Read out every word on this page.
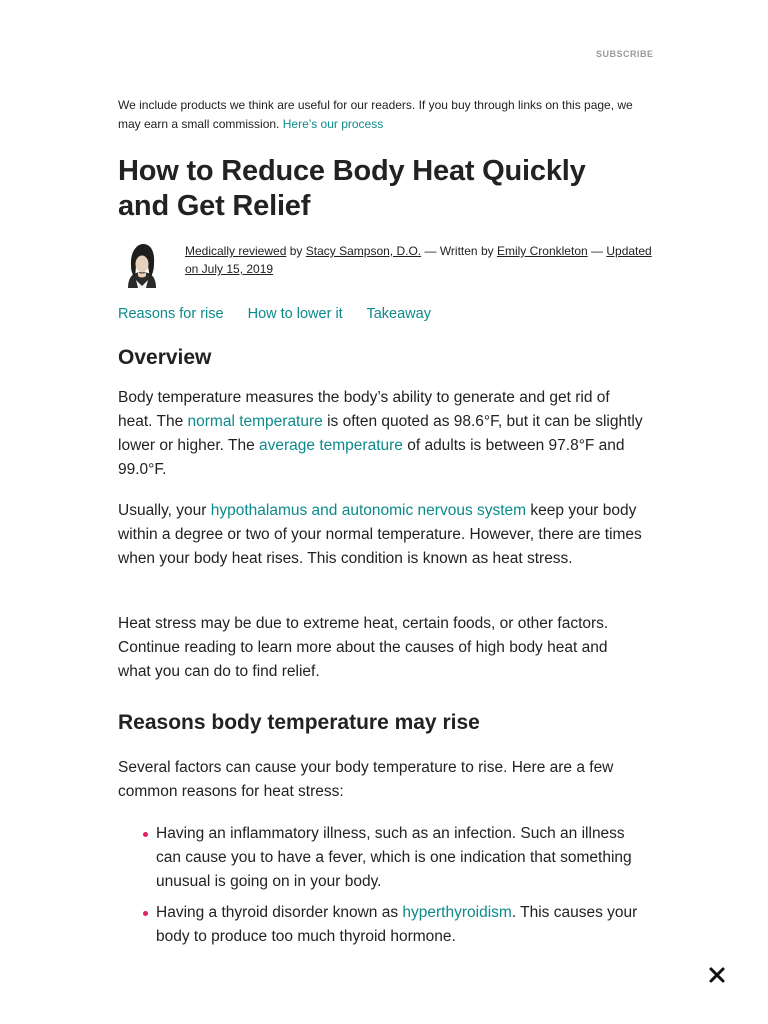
SUBSCRIBE
We include products we think are useful for our readers. If you buy through links on this page, we may earn a small commission. Here’s our process
How to Reduce Body Heat Quickly and Get Relief
Medically reviewed by Stacy Sampson, D.O. — Written by Emily Cronkleton — Updated on July 15, 2019
Reasons for rise How to lower it Takeaway
Overview

Body temperature measures the body’s ability to generate and get rid of heat. The normal temperature is often quoted as 98.6°F, but it can be slightly lower or higher. The average temperature of adults is between 97.8°F and 99.0°F.

Usually, your hypothalamus and autonomic nervous system keep your body within a degree or two of your normal temperature. However, there are times when your body heat rises. This condition is known as heat stress.

Heat stress may be due to extreme heat, certain foods, or other factors. Continue reading to learn more about the causes of high body heat and what you can do to find relief.

Reasons body temperature may rise

Several factors can cause your body temperature to rise. Here are a few common reasons for heat stress:

Having an inflammatory illness, such as an infection. Such an illness can cause you to have a fever, which is one indication that something unusual is going on in your body.
Having a thyroid disorder known as hyperthyroidism. This causes your body to produce too much thyroid hormone.
